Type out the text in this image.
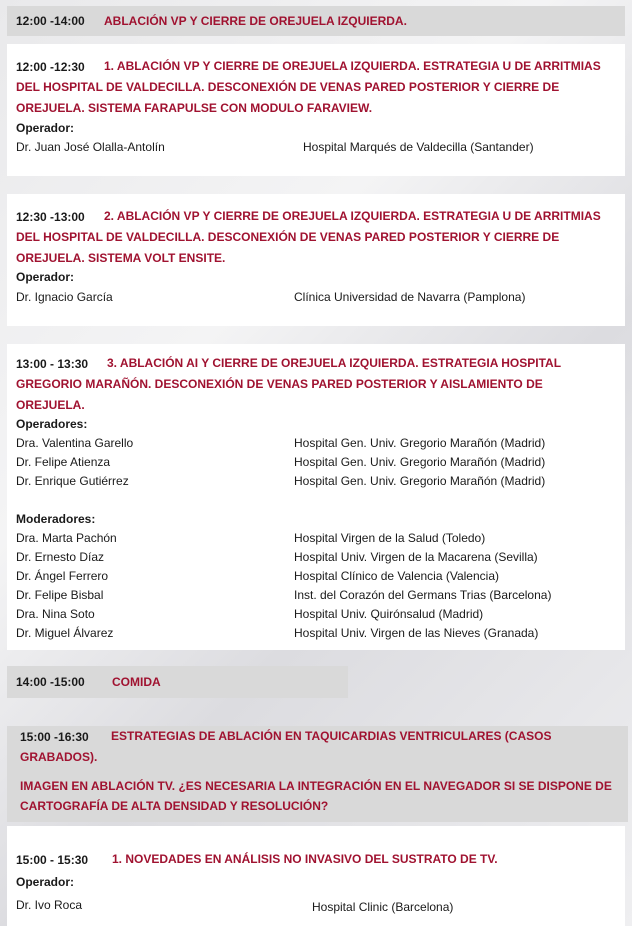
12:00 -14:00 ABLACIÓN VP Y CIERRE DE OREJUELA IZQUIERDA.
12:00 -12:30 1. ABLACIÓN VP Y CIERRE DE OREJUELA IZQUIERDA. ESTRATEGIA U DE ARRITMIAS
DEL HOSPITAL DE VALDECILLA. DESCONEXIÓN DE VENAS PARED POSTERIOR Y CIERRE DE
OREJUELA. SISTEMA FARAPULSE CON MODULO FARAVIEW.
Operador:
Dr. Juan José Olalla-Antolín	Hospital Marqués de Valdecilla (Santander)
12:30 -13:00 2. ABLACIÓN VP Y CIERRE DE OREJUELA IZQUIERDA. ESTRATEGIA U DE ARRITMIAS
DEL HOSPITAL DE VALDECILLA. DESCONEXIÓN DE VENAS PARED POSTERIOR Y CIERRE DE
OREJUELA. SISTEMA VOLT ENSITE.
Operador:
Dr. Ignacio García	Clínica Universidad de Navarra (Pamplona)
13:00 - 13:30 3. ABLACIÓN AI Y CIERRE DE OREJUELA IZQUIERDA. ESTRATEGIA HOSPITAL
GREGORIO MARAÑÓN. DESCONEXIÓN DE VENAS PARED POSTERIOR Y AISLAMIENTO DE
OREJUELA.
Operadores:
Dra. Valentina Garello	Hospital Gen. Univ. Gregorio Marañón (Madrid)
Dr. Felipe Atienza	Hospital Gen. Univ. Gregorio Marañón (Madrid)
Dr. Enrique Gutiérrez	Hospital Gen. Univ. Gregorio Marañón (Madrid)
Moderadores:
Dra. Marta Pachón	Hospital Virgen de la Salud (Toledo)
Dr. Ernesto Díaz	Hospital Univ. Virgen de la Macarena (Sevilla)
Dr. Ángel Ferrero	Hospital Clínico de Valencia (Valencia)
Dr. Felipe Bisbal	Inst. del Corazón del Germans Trias (Barcelona)
Dra. Nina Soto	Hospital Univ. Quirónsalud (Madrid)
Dr. Miguel Álvarez	Hospital Univ. Virgen de las Nieves (Granada)
14:00 -15:00 COMIDA
15:00 -16:30 ESTRATEGIAS DE ABLACIÓN EN TAQUICARDIAS VENTRICULARES (CASOS
GRABADOS).
IMAGEN EN ABLACIÓN TV. ¿ES NECESARIA LA INTEGRACIÓN EN EL NAVEGADOR SI SE DISPONE DE
CARTOGRAFÍA DE ALTA DENSIDAD Y RESOLUCIÓN?
15:00 - 15:30 1. NOVEDADES EN ANÁLISIS NO INVASIVO DEL SUSTRATO DE TV.
Operador:
Dr. Ivo Roca	Hospital Clinic (Barcelona)
